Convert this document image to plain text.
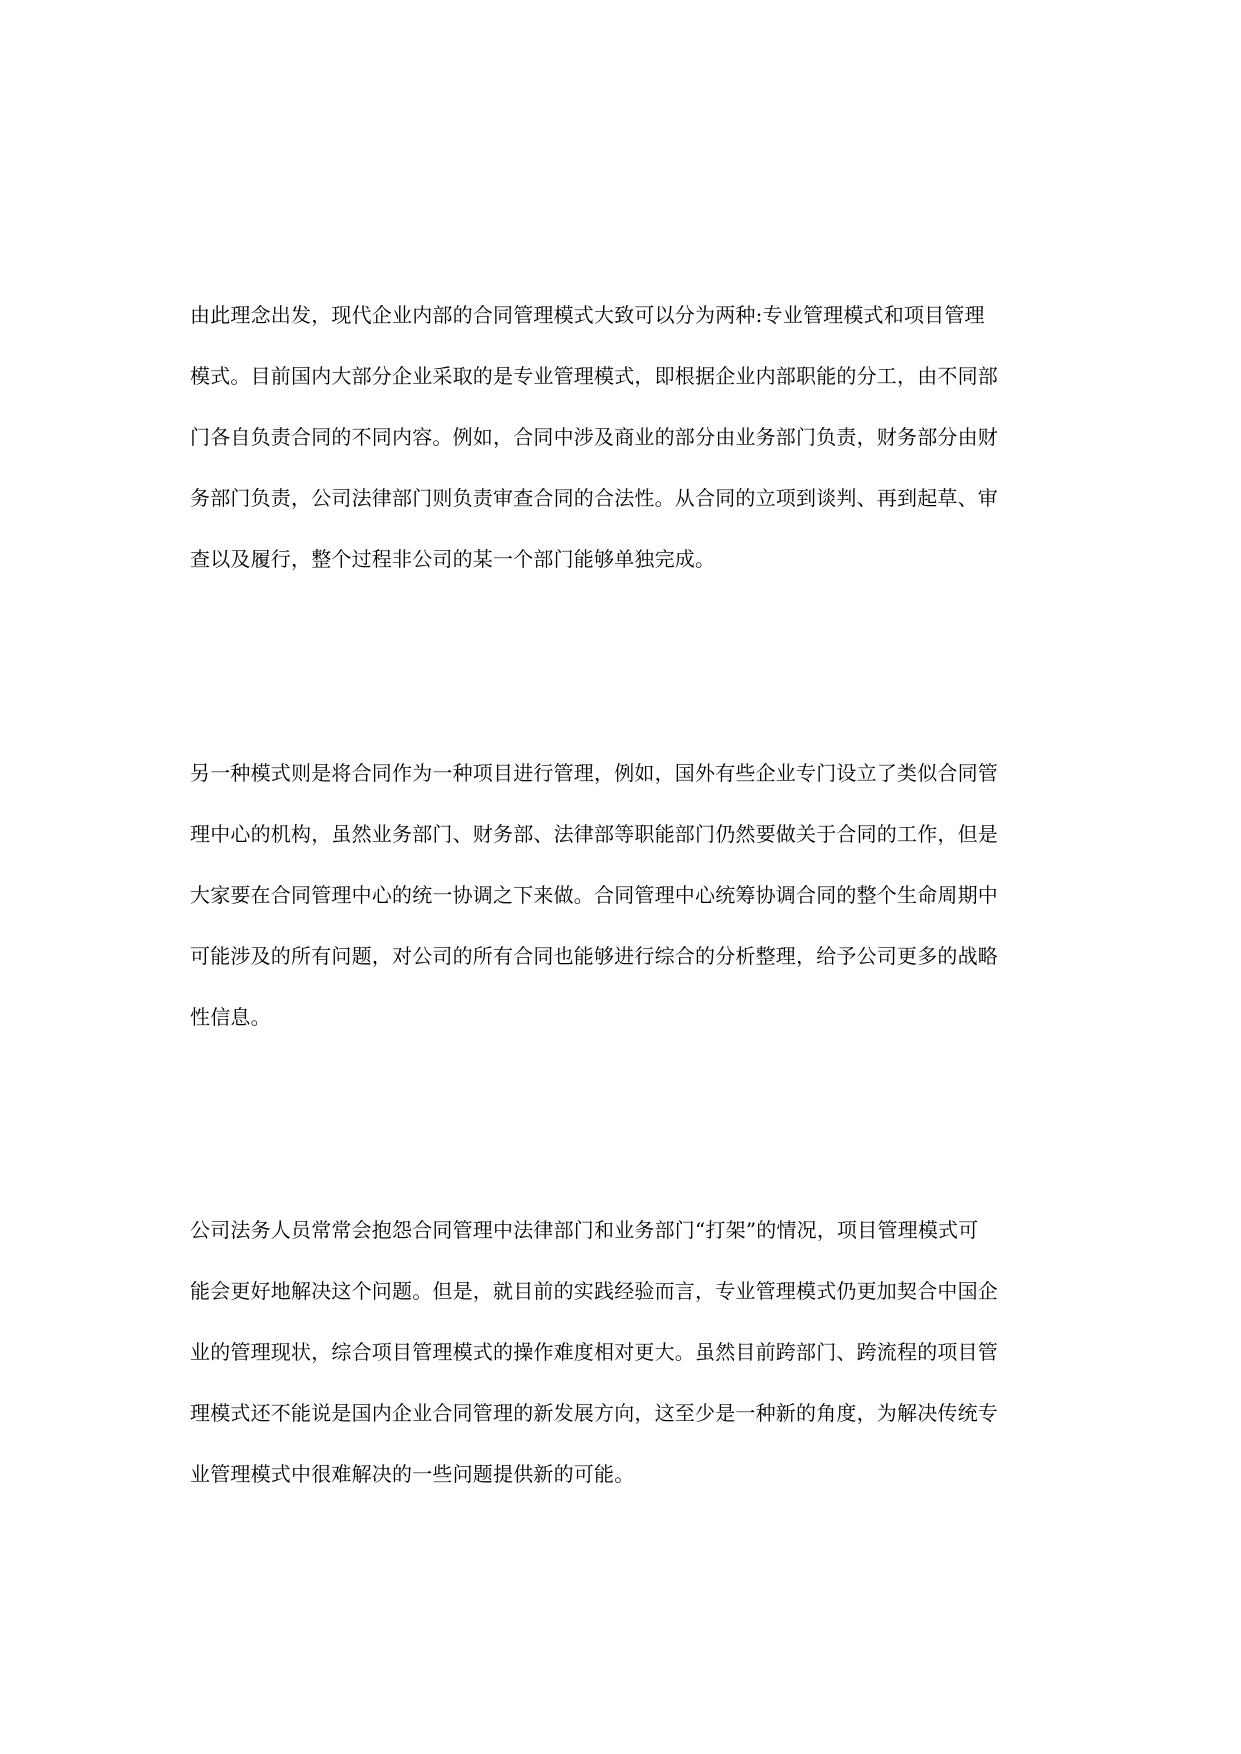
由此理念出发，现代企业内部的合同管理模式大致可以分为两种:专业管理模式和项目管理
模式。目前国内大部分企业采取的是专业管理模式，即根据企业内部职能的分工，由不同部
门各自负责合同的不同内容。例如，合同中涉及商业的部分由业务部门负责，财务部分由财
务部门负责，公司法律部门则负责审查合同的合法性。从合同的立项到谈判、再到起草、审
查以及履行，整个过程非公司的某一个部门能够单独完成。

另一种模式则是将合同作为一种项目进行管理，例如，国外有些企业专门设立了类似合同管
理中心的机构，虽然业务部门、财务部、法律部等职能部门仍然要做关于合同的工作，但是
大家要在合同管理中心的统一协调之下来做。合同管理中心统筹协调合同的整个生命周期中
可能涉及的所有问题，对公司的所有合同也能够进行综合的分析整理，给予公司更多的战略
性信息。

公司法务人员常常会抱怨合同管理中法律部门和业务部门“打架”的情况，项目管理模式可
能会更好地解决这个问题。但是，就目前的实践经验而言，专业管理模式仍更加契合中国企
业的管理现状，综合项目管理模式的操作难度相对更大。虽然目前跨部门、跨流程的项目管
理模式还不能说是国内企业合同管理的新发展方向，这至少是一种新的角度，为解决传统专
业管理模式中很难解决的一些问题提供新的可能。
